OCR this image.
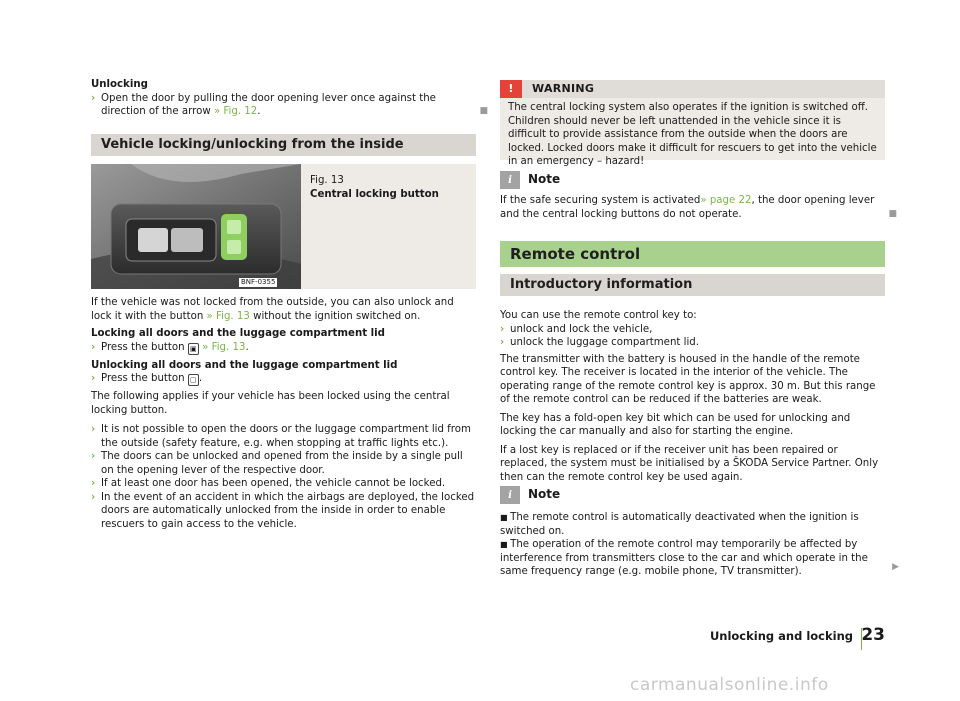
Unlocking

› Open the door by pulling the door opening lever once against the direction of the arrow » Fig. 12.	■
Vehicle locking/unlocking from the inside
BNF-0355

Fig. 13

Central locking button

If the vehicle was not locked from the outside, you can also unlock and lock it with the button » Fig. 13 without the ignition switched on.

Locking all doors and the luggage compartment lid

› Press the button ▣ » Fig. 13.

Unlocking all doors and the luggage compartment lid

› Press the button ▢ .

The following applies if your vehicle has been locked using the central locking button.

› It is not possible to open the doors or the luggage compartment lid from the outside (safety feature, e.g. when stopping at traffic lights etc.).

› The doors can be unlocked and opened from the inside by a single pull on the opening lever of the respective door.

› If at least one door has been opened, the vehicle cannot be locked.

› In the event of an accident in which the airbags are deployed, the locked doors are automatically unlocked from the inside in order to enable rescuers to gain access to the vehicle.

!	WARNING

The central locking system also operates if the ignition is switched off. Children should never be left unattended in the vehicle since it is difficult to provide assistance from the outside when the doors are locked. Locked doors make it difficult for rescuers to get into the vehicle in an emergency – hazard!

i Note

If the safe securing system is activated» page 22, the door opening lever and the central locking buttons do not operate.	■
Remote control
Introductory information

You can use the remote control key to:

› unlock and lock the vehicle,

› unlock the luggage compartment lid.

The transmitter with the battery is housed in the handle of the remote control key. The receiver is located in the interior of the vehicle. The operating range of the remote control key is approx. 30 m. But this range of the remote control can be reduced if the batteries are weak.

The key has a fold-open key bit which can be used for unlocking and locking the car manually and also for starting the engine.

If a lost key is replaced or if the receiver unit has been repaired or replaced, the system must be initialised by a ŠKODA Service Partner. Only then can the remote control key be used again.

i Note

■ The remote control is automatically deactivated when the ignition is switched on.

■ The operation of the remote control may temporarily be affected by interference from transmitters close to the car and which operate in the same frequency range (e.g. mobile phone, TV transmitter).	▶
Unlocking and locking 23
carmanualsonline.info
